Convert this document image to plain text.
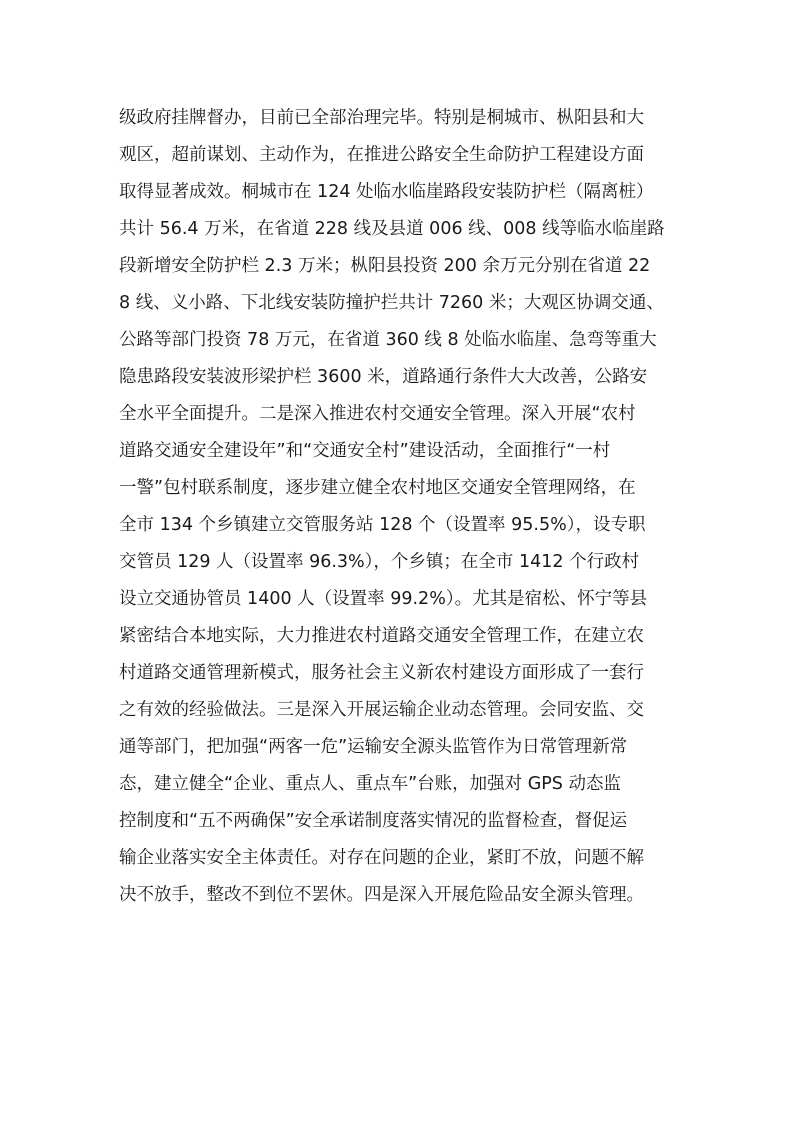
级政府挂牌督办，目前已全部治理完毕。特别是桐城市、枞阳县和大
观区，超前谋划、主动作为，在推进公路安全生命防护工程建设方面
取得显著成效。桐城市在 124 处临水临崖路段安装防护栏（隔离桩）
共计 56.4 万米，在省道 228 线及县道 006 线、008 线等临水临崖路
段新增安全防护栏 2.3 万米；枞阳县投资 200 余万元分别在省道 22
8 线、义小路、下北线安装防撞护拦共计 7260 米；大观区协调交通、
公路等部门投资 78 万元，在省道 360 线 8 处临水临崖、急弯等重大
隐患路段安装波形梁护栏 3600 米，道路通行条件大大改善，公路安
全水平全面提升。二是深入推进农村交通安全管理。深入开展“农村
道路交通安全建设年”和“交通安全村”建设活动，全面推行“一村
一警”包村联系制度，逐步建立健全农村地区交通安全管理网络，在
全市 134 个乡镇建立交管服务站 128 个（设置率 95.5%），设专职
交管员 129 人（设置率 96.3%），个乡镇；在全市 1412 个行政村
设立交通协管员 1400 人（设置率 99.2%）。尤其是宿松、怀宁等县
紧密结合本地实际，大力推进农村道路交通安全管理工作，在建立农
村道路交通管理新模式，服务社会主义新农村建设方面形成了一套行
之有效的经验做法。三是深入开展运输企业动态管理。会同安监、交
通等部门，把加强“两客一危”运输安全源头监管作为日常管理新常
态，建立健全“企业、重点人、重点车”台账，加强对 GPS 动态监
控制度和“五不两确保”安全承诺制度落实情况的监督检查，督促运
输企业落实安全主体责任。对存在问题的企业，紧盯不放，问题不解
决不放手，整改不到位不罢休。四是深入开展危险品安全源头管理。
